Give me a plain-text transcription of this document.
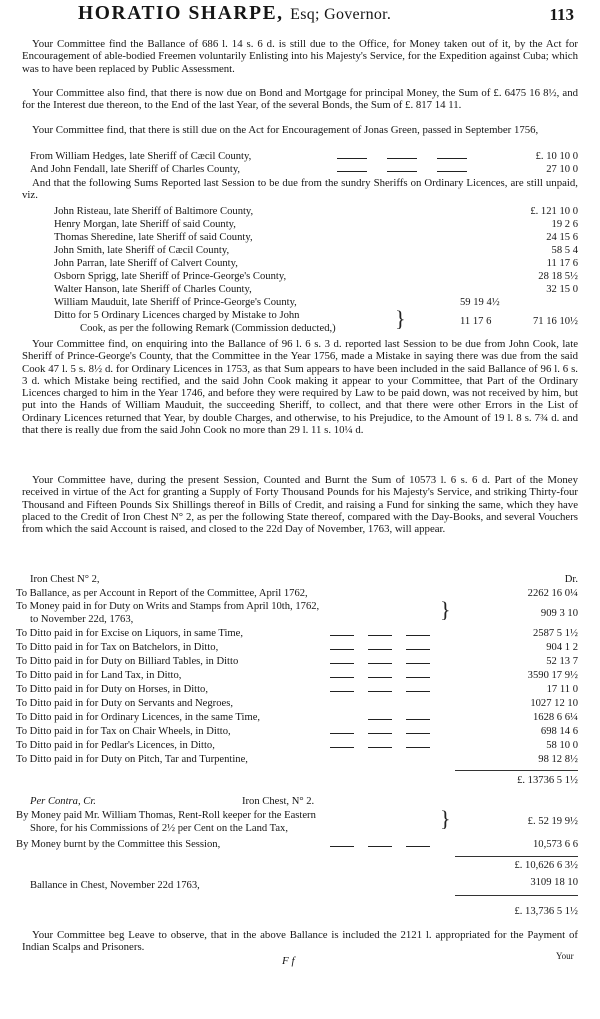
HORATIO SHARPE, Esq; Governor.	113

Your Committee find the Ballance of 686 l. 14 s. 6 d. is still due to the Office, for Money taken out of it, by the Act for Encouragement of able-bodied Freemen voluntarily Enlisting into his Majesty's Service, for the Expedition against Cuba; which was to have been replaced by Public Assessment.

Your Committee also find, that there is now due on Bond and Mortgage for principal Money, the Sum of £. 6475 16 8½, and for the Interest due thereon, to the End of the last Year, of the several Bonds, the Sum of £. 817 14 11.

Your Committee find, that there is still due on the Act for Encouragement of Jonas Green, passed in September 1756,

From William Hedges, late Sheriff of Cæcil County,	£. 10 10 0
And John Fendall, late Sheriff of Charles County,	27 10 0

And that the following Sums Reported last Session to be due from the sundry Sheriffs on Ordinary Licences, are still unpaid, viz.

John Risteau, late Sheriff of Baltimore County,	£. 121 10 0
Henry Morgan, late Sheriff of said County,	19 2 6
Thomas Sheredine, late Sheriff of said County,	24 15 6
John Smith, late Sheriff of Cæcil County,	58 5 4
John Parran, late Sheriff of Calvert County,	11 17 6
Osborn Sprigg, late Sheriff of Prince-George's County,	28 18 5½
Walter Hanson, late Sheriff of Charles County,	32 15 0
William Mauduit, late Sheriff of Prince-George's County,	59 19 4½
Ditto for 5 Ordinary Licences charged by Mistake to John
Cook, as per the following Remark (Commission deducted,)	}	11 17 6	71 16 10½

Your Committee find, on enquiring into the Ballance of 96 l. 6 s. 3 d. reported last Session to be due from John Cook, late Sheriff of Prince-George's County, that the Committee in the Year 1756, made a Mistake in saying there was due from the said Cook 47 l. 5 s. 8½ d. for Ordinary Licences in 1753, as that Sum appears to have been included in the said Ballance of 96 l. 6 s. 3 d. which Mistake being rectified, and the said John Cook making it appear to your Committee, that Part of the Ordinary Licences charged to him in the Year 1746, and before they were required by Law to be paid down, was not received by him, but put into the Hands of William Mauduit, the succeeding Sheriff, to collect, and that there were other Errors in the List of Ordinary Licences returned that Year, by double Charges, and otherwise, to his Prejudice, to the Amount of 19 l. 8 s. 7¾ d. and that there is really due from the said John Cook no more than 29 l. 11 s. 10¼ d.

Your Committee have, during the present Session, Counted and Burnt the Sum of 10573 l. 6 s. 6 d. Part of the Money received in virtue of the Act for granting a Supply of Forty Thousand Pounds for his Majesty's Service, and striking Thirty-four Thousand and Fifteen Pounds Six Shillings thereof in Bills of Credit, and raising a Fund for sinking the same, which they have placed to the Credit of Iron Chest N° 2, as per the following State thereof, compared with the Day-Books, and several Vouchers from which the said Account is raised, and closed to the 22d Day of November, 1763, will appear.

Iron Chest N° 2,	Dr.
To Ballance, as per Account in Report of the Committee, April 1762,	2262 16 0¼
To Money paid in for Duty on Writs and Stamps from April 10th, 1762,
to November 22d, 1763,	}	909 3 10
To Ditto paid in for Excise on Liquors, in same Time,	2587 5 1½
To Ditto paid in for Tax on Batchelors, in Ditto,	904 1 2
To Ditto paid in for Duty on Billiard Tables, in Ditto	52 13 7
To Ditto paid in for Land Tax, in Ditto,	3590 17 9½
To Ditto paid in for Duty on Horses, in Ditto,	17 11 0
To Ditto paid in for Duty on Servants and Negroes,	1027 12 10
To Ditto paid in for Ordinary Licences, in the same Time,	1628 6 6¼
To Ditto paid in for Tax on Chair Wheels, in Ditto,	698 14 6
To Ditto paid in for Pedlar's Licences, in Ditto,	58 10 0
To Ditto paid in for Duty on Pitch, Tar and Turpentine,	98 12 8½
£. 13736 5 1½
Per Contra, Cr.	Iron Chest, N° 2.
By Money paid Mr. William Thomas, Rent-Roll keeper for the Eastern
Shore, for his Commissions of 2½ per Cent on the Land Tax,	}	£. 52 19 9½
By Money burnt by the Committee this Session,	10,573 6 6
£. 10,626 6 3½
Ballance in Chest, November 22d 1763,	3109 18 10
£. 13,736 5 1½

Your Committee beg Leave to observe, that in the above Ballance is included the 2121 l. appropriated for the Payment of Indian Scalps and Prisoners.

F f	Your
